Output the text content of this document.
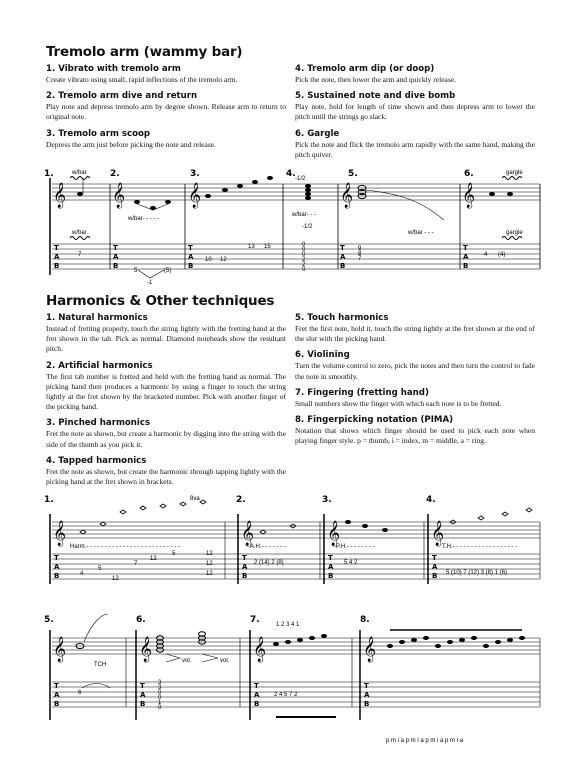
Tremolo arm (wammy bar)
1. Vibrato with tremolo arm

Create vibrato using small, rapid inflections of the tremolo arm.

2. Tremolo arm dive and return

Play note and depress tremolo arm by degree shown. Release arm to return to original note.

3. Tremolo arm scoop

Depress the arm just before picking the note and release.

4. Tremolo arm dip (or doop)

Pick the note, then lower the arm and quickly release.

5. Sustained note and dive bomb

Play note, hold for length of time shown and then depress arm to lower the pitch until the strings go slack.

6. Gargle

Pick the note and flick the tremolo arm rapidly with the same hand, making the pitch quiver.

1.	2.	3.	4.	5.	6.
𝄞 𝄞	𝄞	𝄞	𝄞
T
A
B
T
A
B
T
A
B
T
A
B
T
A
B
w/bar
w/bar
7
w/bar- - - - -
5
-1
(5)
10 12
13 15
-1/2
w/bar- - -
-1/2
0
0
0
2
2
0
w/bar - - -
9
8
7
gargle
gargle
4 (4)
Harmonics & Other techniques
1. Natural harmonics

Instead of fretting properly, touch the string lightly with the fretting hand at the fret shown in the tab. Pick as normal. Diamond noteheads show the resultant pitch.

2. Artificial harmonics

The first tab number is fretted and held with the fretting hand as normal. The picking hand then produces a harmonic by using a finger to touch the string lightly at the fret shown by the bracketed number. Pick with another finger of the picking hand.

3. Pinched harmonics

Fret the note as shown, but create a harmonic by digging into the string with the side of the thumb as you pick it.

4. Tapped harmonics

Fret the note as shown, but create the harmonic through tapping lightly with the picking hand at the fret shown in brackets.

5. Touch harmonics

Fret the first note, hold it, touch the string lightly at the fret shown at the end of the slur with the picking hand.

6. Violining

Turn the volume control to zero, pick the notes and then turn the control to fade the note in smoothly.

7. Fingering (fretting hand)

Small numbers show the finger with which each note is to be fretted.

8. Fingerpicking notation (PIMA)

Notation that shows which finger should be used to pick each note when playing finger style. p = thumb, i = index, m = middle, a = ring.

1.	2.	3.	4.
𝄞	𝄞	𝄞	𝄞
T
A
B
T
A
B
T
A
B
T
A
B
8va
Harm.- - - - - - - - - - - - - - - - - - - - - - - - - -
4
5
12
7
12
5	12
12
12
A.H.- - - - - - -
2 (14) 2 (8)
P.H.- - - - - - - -
5 4 2
T.H.- - - - - - - - - - - - - - - - - -
5 (10) 7 (12) 3 (8) 1 (6)
5.	6.	7.	8.
𝄞	𝄞	𝄞	𝄞
T
A
B
T
A
B
T
A
B
T
A
B
TCH
6
vol.	vol.
3
3
0
0
1
0
1 2 3 4 1
2 4 5 7 2
p m i a p m i a p m i a p m i a
